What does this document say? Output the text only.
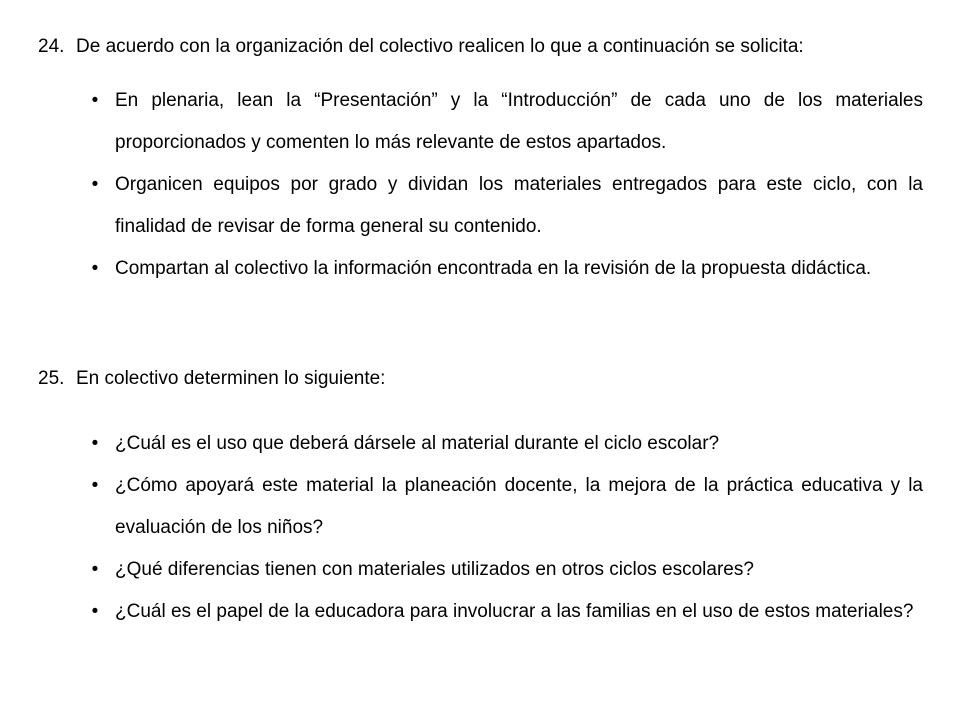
24. De acuerdo con la organización del colectivo realicen lo que a continuación se solicita:
• En plenaria, lean la “Presentación” y la “Introducción” de cada uno de los materiales proporcionados y comenten lo más relevante de estos apartados.
• Organicen equipos por grado y dividan los materiales entregados para este ciclo, con la finalidad de revisar de forma general su contenido.
• Compartan al colectivo la información encontrada en la revisión de la propuesta didáctica.
25. En colectivo determinen lo siguiente:
• ¿Cuál es el uso que deberá dársele al material durante el ciclo escolar?
• ¿Cómo apoyará este material la planeación docente, la mejora de la práctica educativa y la evaluación de los niños?
• ¿Qué diferencias tienen con materiales utilizados en otros ciclos escolares?
• ¿Cuál es el papel de la educadora para involucrar a las familias en el uso de estos materiales?
